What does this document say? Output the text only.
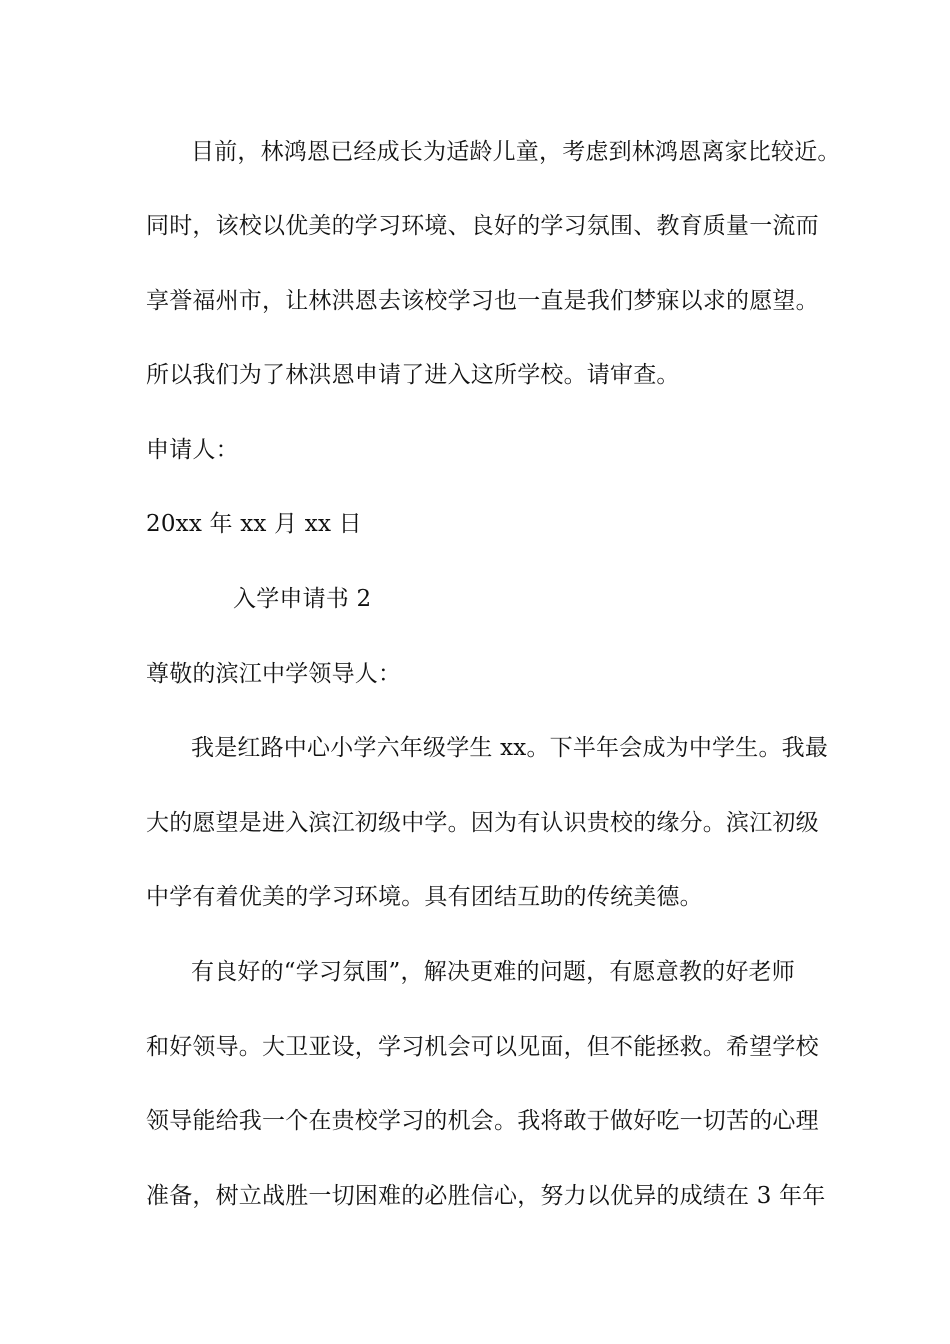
目前，林鸿恩已经成长为适龄儿童，考虑到林鸿恩离家比较近。
同时，该校以优美的学习环境、良好的学习氛围、教育质量一流而
享誉福州市，让林洪恩去该校学习也一直是我们梦寐以求的愿望。
所以我们为了林洪恩申请了进入这所学校。请审查。
申请人：
20xx 年 xx 月 xx 日
入学申请书 2
尊敬的滨江中学领导人：
我是红路中心小学六年级学生 xx。下半年会成为中学生。我最
大的愿望是进入滨江初级中学。因为有认识贵校的缘分。滨江初级
中学有着优美的学习环境。具有团结互助的传统美德。
有良好的“学习氛围”，解决更难的问题，有愿意教的好老师
和好领导。大卫亚设，学习机会可以见面，但不能拯救。希望学校
领导能给我一个在贵校学习的机会。我将敢于做好吃一切苦的心理
准备，树立战胜一切困难的必胜信心，努力以优异的成绩在 3 年年
